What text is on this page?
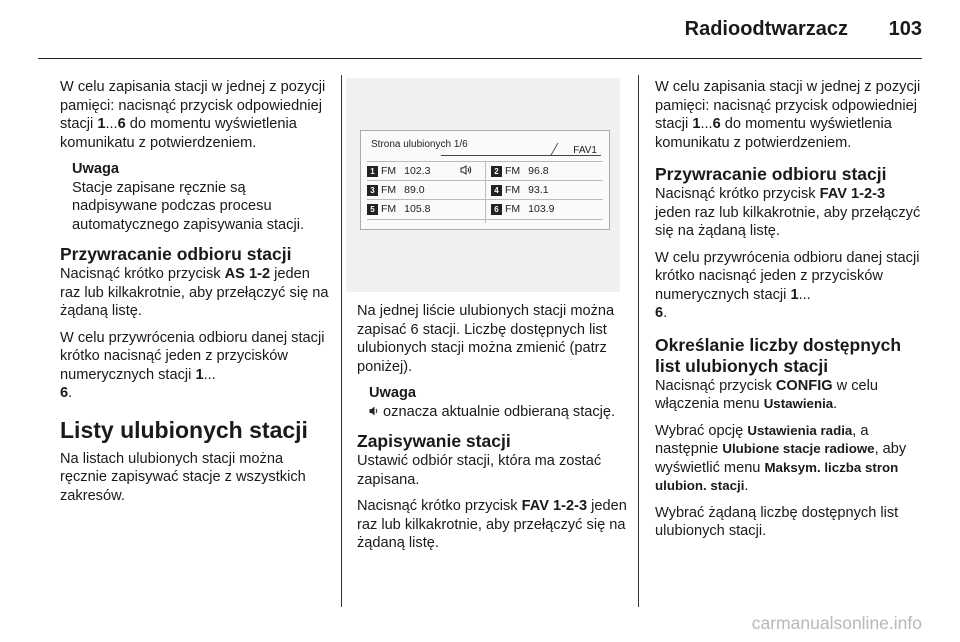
Radioodtwarzacz 103

W celu zapisania stacji w jednej z pozycji pamięci: nacisnąć przycisk odpowiedniej stacji 1...6 do momentu wyświetlenia komunikatu z potwierdzeniem.

Uwaga
Stacje zapisane ręcznie są nadpisywane podczas procesu automatycznego zapisywania stacji.
Przywracanie odbioru stacji

Nacisnąć krótko przycisk AS 1-2 jeden raz lub kilkakrotnie, aby przełączyć się na żądaną listę.

W celu przywrócenia odbioru danej stacji krótko nacisnąć jeden z przycisków numerycznych stacji 1...
6.

Listy ulubionych stacji

Na listach ulubionych stacji można ręcznie zapisywać stacje z wszystkich zakresów.

Strona ulubionych 1/6
FAV1
1 FM 102.3	2 FM 96.8
3 FM 89.0	4 FM 93.1
5 FM 105.8	6 FM 103.9

Na jednej liście ulubionych stacji można zapisać 6 stacji. Liczbę dostępnych list ulubionych stacji można zmienić (patrz poniżej).

Uwaga
oznacza aktualnie odbieraną stację.
Zapisywanie stacji

Ustawić odbiór stacji, która ma zostać zapisana.

Nacisnąć krótko przycisk FAV 1-2-3 jeden raz lub kilkakrotnie, aby przełączyć się na żądaną listę.

W celu zapisania stacji w jednej z pozycji pamięci: nacisnąć przycisk odpowiedniej stacji 1...6 do momentu wyświetlenia komunikatu z potwierdzeniem.

Przywracanie odbioru stacji

Nacisnąć krótko przycisk FAV 1-2-3 jeden raz lub kilkakrotnie, aby przełączyć się na żądaną listę.

W celu przywrócenia odbioru danej stacji krótko nacisnąć jeden z przycisków numerycznych stacji 1...
6.

Określanie liczby dostępnych list ulubionych stacji

Nacisnąć przycisk CONFIG w celu włączenia menu Ustawienia.

Wybrać opcję Ustawienia radia, a następnie Ulubione stacje radiowe, aby wyświetlić menu Maksym. liczba stron ulubion. stacji.

Wybrać żądaną liczbę dostępnych list ulubionych stacji.

carmanualsonline.info
